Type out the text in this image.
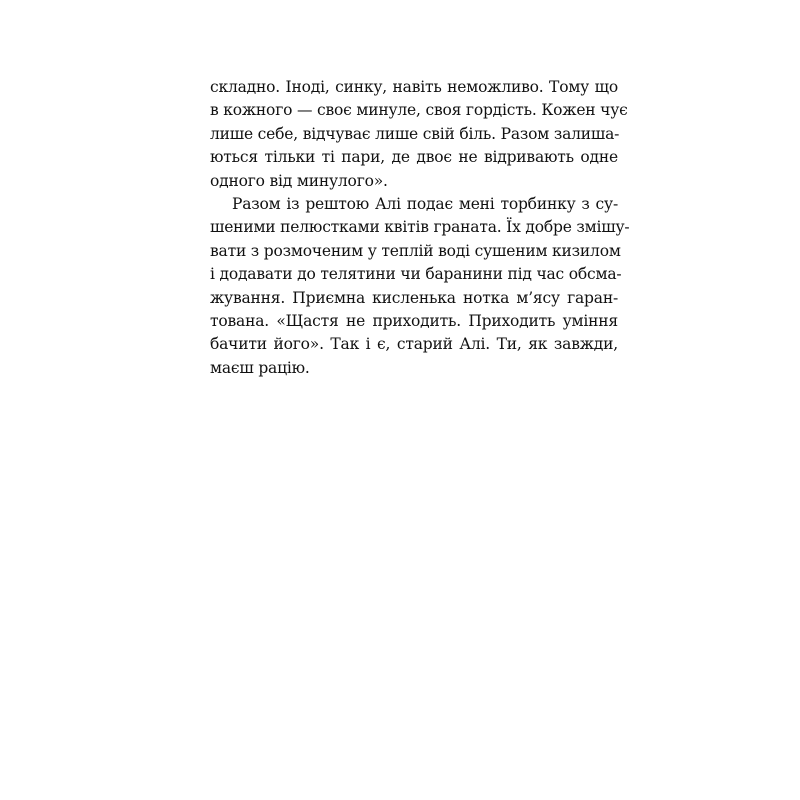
складно. Іноді, синку, навіть неможливо. Тому що
в кожного — своє минуле, своя гордість. Кожен чує
лише себе, відчуває лише свій біль. Разом залиша-
ються тільки ті пари, де двоє не відривають одне
одного від минулого».
Разом із рештою Алі подає мені торбинку з су-
шеними пелюстками квітів граната. Їх добре змішу-
вати з розмоченим у теплій воді сушеним кизилом
і додавати до телятини чи баранини під час обсма-
жування. Приємна кисленька нотка м’ясу гаран-
тована. «Щастя не приходить. Приходить уміння
бачити його». Так і є, старий Алі. Ти, як завжди,
маєш рацію.
